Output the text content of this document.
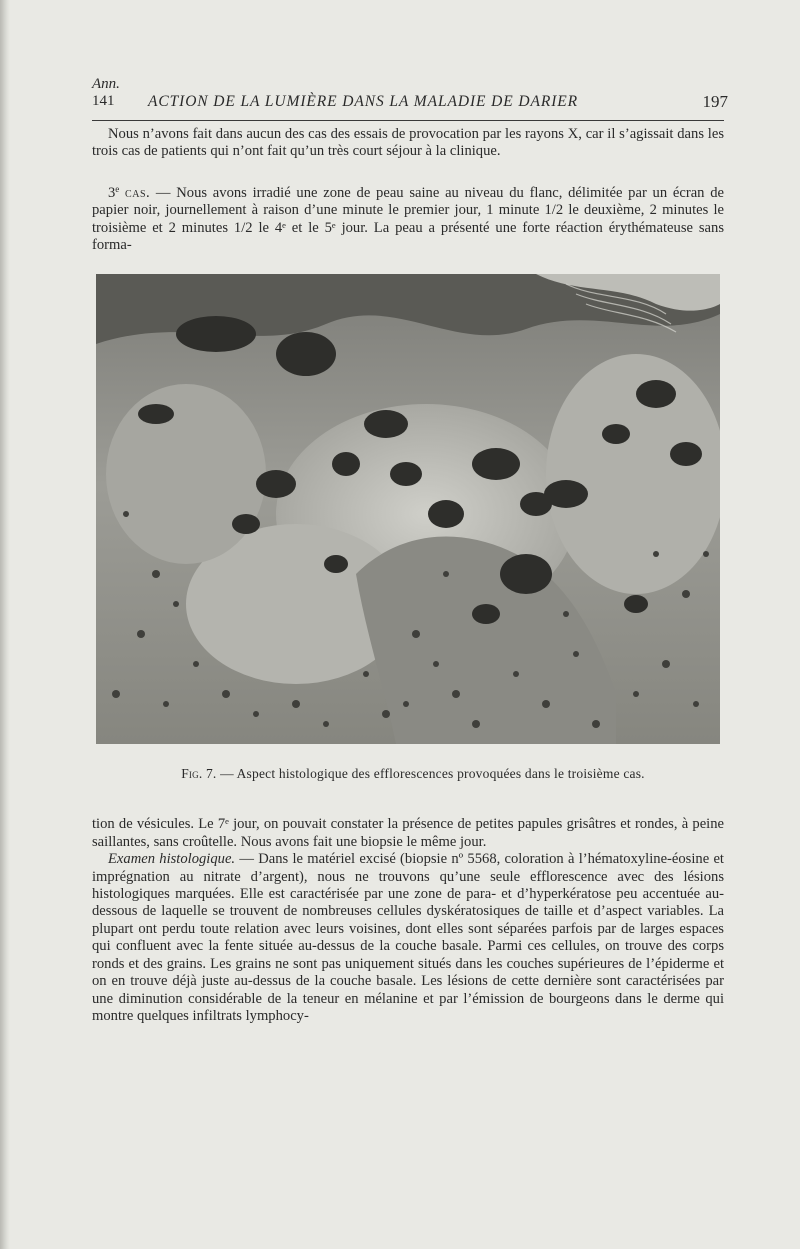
Ann.
141 ACTION DE LA LUMIÈRE DANS LA MALADIE DE DARIER	197

Nous n’avons fait dans aucun des cas des essais de provocation par les rayons X, car il s’agissait dans les trois cas de patients qui n’ont fait qu’un très court séjour à la clinique.

3e cas. — Nous avons irradié une zone de peau saine au niveau du flanc, délimitée par un écran de papier noir, journellement à raison d’une minute le premier jour, 1 minute 1/2 le deuxième, 2 minutes le troisième et 2 minutes 1/2 le 4ᵉ et le 5ᵉ jour. La peau a présenté une forte réaction érythémateuse sans forma-

Fig. 7. — Aspect histologique des efflorescences provoquées dans le troisième cas.

tion de vésicules. Le 7ᵉ jour, on pouvait constater la présence de petites papules grisâtres et rondes, à peine saillantes, sans croûtelle. Nous avons fait une biopsie le même jour.

Examen histologique. — Dans le matériel excisé (biopsie nº 5568, coloration à l’hématoxyline-éosine et imprégnation au nitrate d’argent), nous ne trouvons qu’une seule efflorescence avec des lésions histologiques marquées. Elle est caractérisée par une zone de para- et d’hyperkératose peu accentuée au-dessous de laquelle se trouvent de nombreuses cellules dyskératosiques de taille et d’aspect variables. La plupart ont perdu toute relation avec leurs voisines, dont elles sont séparées parfois par de larges espaces qui confluent avec la fente située au-dessus de la couche basale. Parmi ces cellules, on trouve des corps ronds et des grains. Les grains ne sont pas uniquement situés dans les couches supérieures de l’épiderme et on en trouve déjà juste au-dessus de la couche basale. Les lésions de cette dernière sont caractérisées par une diminution considérable de la teneur en mélanine et par l’émission de bourgeons dans le derme qui montre quelques infiltrats lymphocy-
